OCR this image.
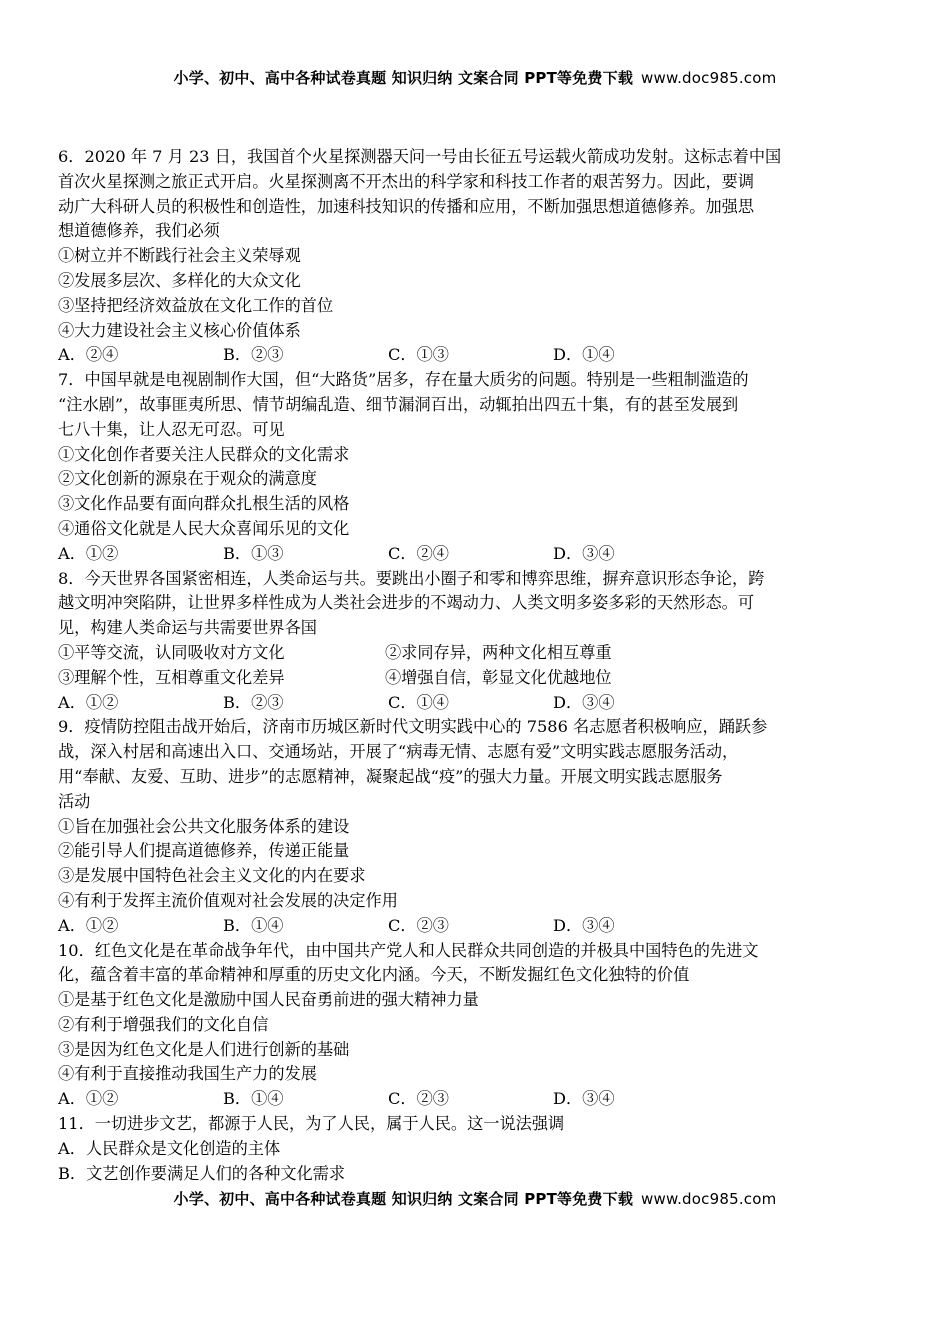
小学、初中、高中各种试卷真题 知识归纳 文案合同 PPT等免费下载 www.doc985.com
6．2020 年 7 月 23 日，我国首个火星探测器天问一号由长征五号运载火箭成功发射。这标志着中国
首次火星探测之旅正式开启。火星探测离不开杰出的科学家和科技工作者的艰苦努力。因此，要调
动广大科研人员的积极性和创造性，加速科技知识的传播和应用，不断加强思想道德修养。加强思
想道德修养，我们必须
①树立并不断践行社会主义荣辱观
②发展多层次、多样化的大众文化
③坚持把经济效益放在文化工作的首位
④大力建设社会主义核心价值体系
A．②④	B．②③	C．①③	D．①④
7．中国早就是电视剧制作大国，但“大路货”居多，存在量大质劣的问题。特别是一些粗制滥造的
“注水剧”，故事匪夷所思、情节胡编乱造、细节漏洞百出，动辄拍出四五十集，有的甚至发展到
七八十集，让人忍无可忍。可见
①文化创作者要关注人民群众的文化需求
②文化创新的源泉在于观众的满意度
③文化作品要有面向群众扎根生活的风格
④通俗文化就是人民大众喜闻乐见的文化
A．①②	B．①③	C．②④	D．③④
8．今天世界各国紧密相连，人类命运与共。要跳出小圈子和零和博弈思维，摒弃意识形态争论，跨
越文明冲突陷阱，让世界多样性成为人类社会进步的不竭动力、人类文明多姿多彩的天然形态。可
见，构建人类命运与共需要世界各国
①平等交流，认同吸收对方文化	②求同存异，两种文化相互尊重
③理解个性，互相尊重文化差异	④增强自信，彰显文化优越地位
A．①②	B．②③	C．①④	D．③④
9．疫情防控阻击战开始后，济南市历城区新时代文明实践中心的 7586 名志愿者积极响应，踊跃参
战，深入村居和高速出入口、交通场站，开展了“病毒无情、志愿有爱”文明实践志愿服务活动，
用“奉献、友爱、互助、进步”的志愿精神，凝聚起战“疫”的强大力量。开展文明实践志愿服务
活动
①旨在加强社会公共文化服务体系的建设
②能引导人们提高道德修养，传递正能量
③是发展中国特色社会主义文化的内在要求
④有利于发挥主流价值观对社会发展的决定作用
A．①②	B．①④	C．②③	D．③④
10．红色文化是在革命战争年代，由中国共产党人和人民群众共同创造的并极具中国特色的先进文
化，蕴含着丰富的革命精神和厚重的历史文化内涵。今天，不断发掘红色文化独特的价值
①是基于红色文化是激励中国人民奋勇前进的强大精神力量
②有利于增强我们的文化自信
③是因为红色文化是人们进行创新的基础
④有利于直接推动我国生产力的发展
A．①②	B．①④	C．②③	D．③④
11．一切进步文艺，都源于人民，为了人民，属于人民。这一说法强调
A．人民群众是文化创造的主体
B．文艺创作要满足人们的各种文化需求
小学、初中、高中各种试卷真题 知识归纳 文案合同 PPT等免费下载 www.doc985.com
